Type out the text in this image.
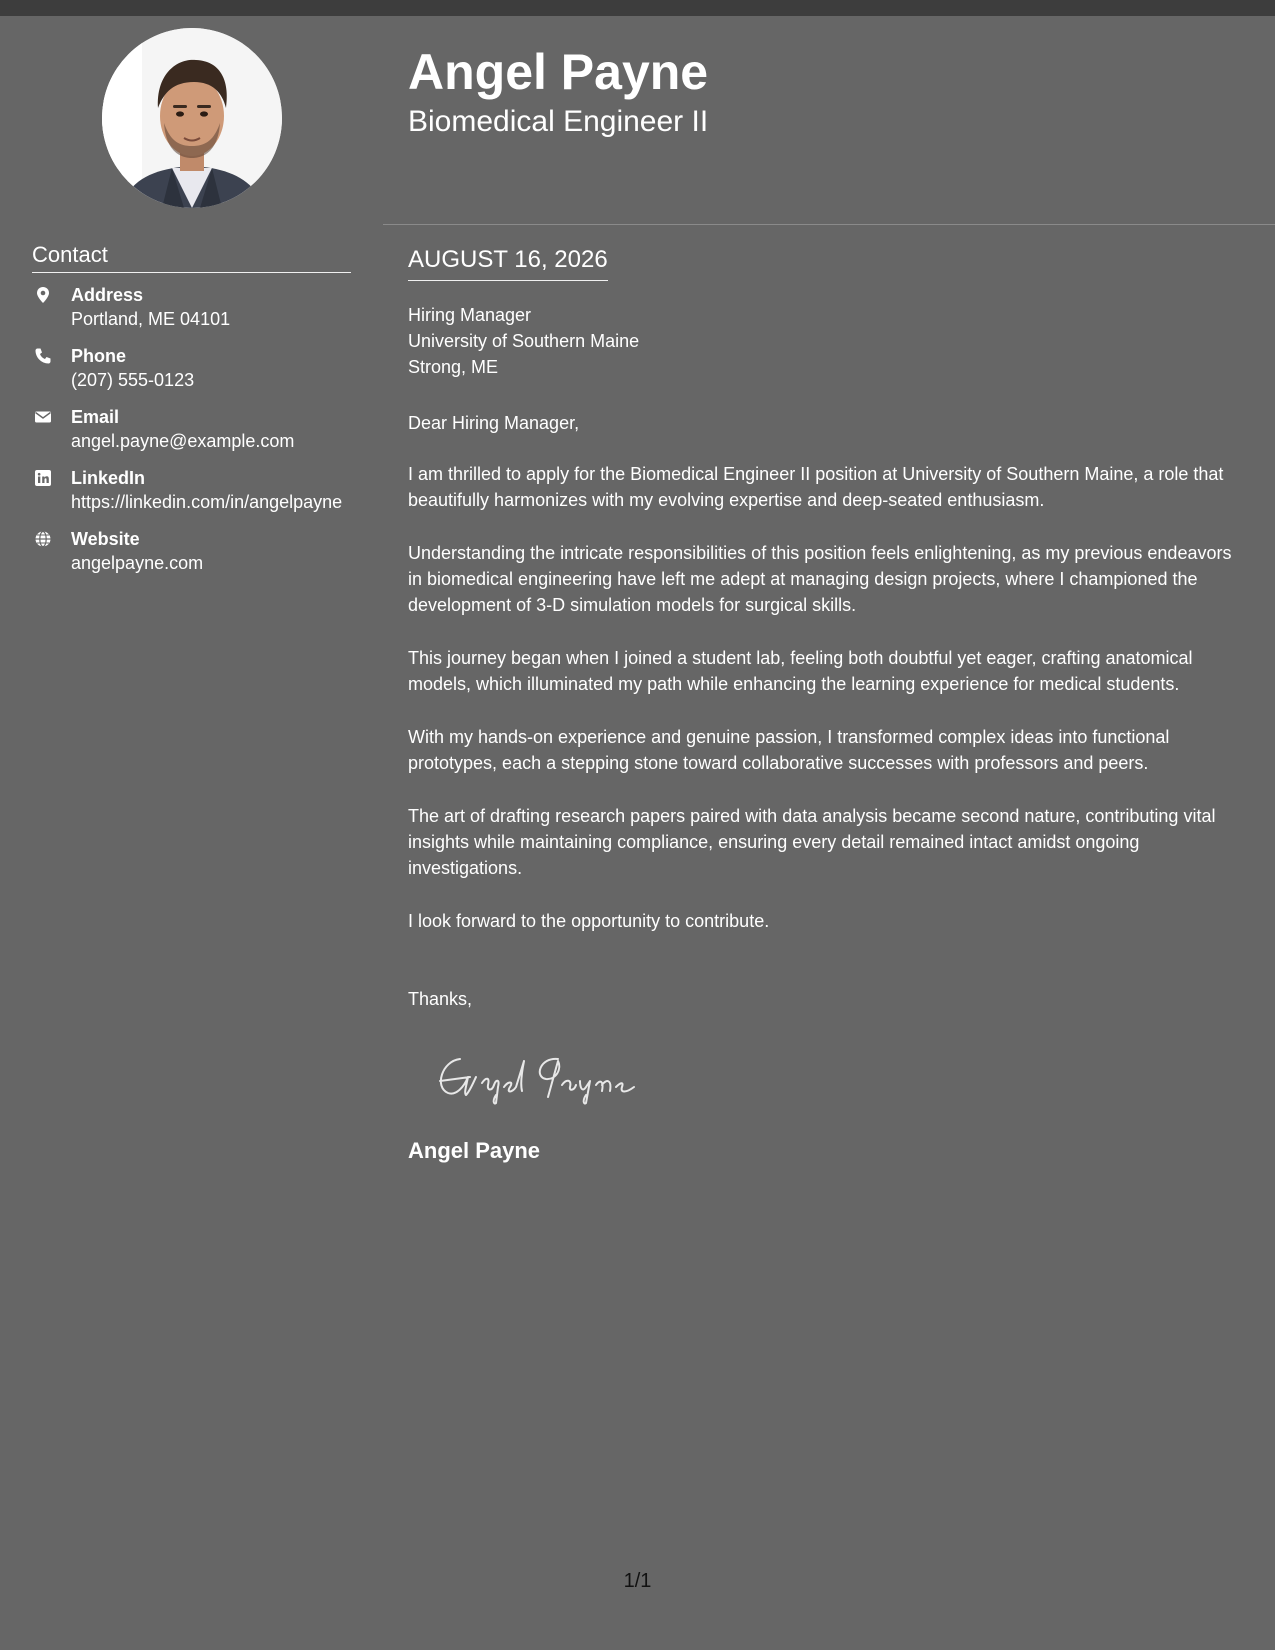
Contact
Address
Portland, ME 04101
Phone
(207) 555-0123
Email
angel.payne@example.com
LinkedIn
https://linkedin.com/in/angelpayne
Website
angelpayne.com
Angel Payne
Biomedical Engineer II
AUGUST 16, 2026
Hiring Manager
University of Southern Maine
Strong, ME

Dear Hiring Manager,

I am thrilled to apply for the Biomedical Engineer II position at University of Southern Maine, a role that beautifully harmonizes with my evolving expertise and deep-seated enthusiasm.

Understanding the intricate responsibilities of this position feels enlightening, as my previous endeavors in biomedical engineering have left me adept at managing design projects, where I championed the development of 3-D simulation models for surgical skills.

This journey began when I joined a student lab, feeling both doubtful yet eager, crafting anatomical models, which illuminated my path while enhancing the learning experience for medical students.

With my hands-on experience and genuine passion, I transformed complex ideas into functional prototypes, each a stepping stone toward collaborative successes with professors and peers.

The art of drafting research papers paired with data analysis became second nature, contributing vital insights while maintaining compliance, ensuring every detail remained intact amidst ongoing investigations.

I look forward to the opportunity to contribute.

Thanks,

Angel Payne
1/1
